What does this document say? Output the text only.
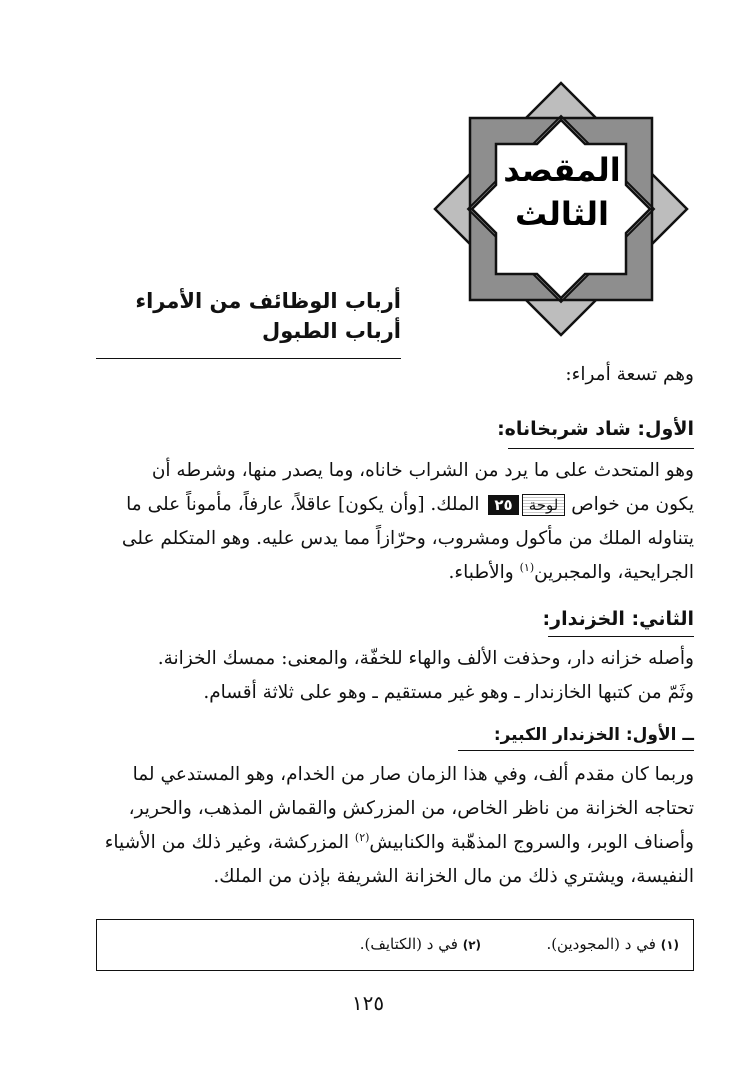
المقصد
الثالث
أرباب الوظائف من الأمراء أرباب الطبول
وهم تسعة أمراء:
الأول: شاد شربخاناه:
وهو المتحدث على ما يرد من الشراب خاناه، وما يصدر منها، وشرطه أن
يكون من خواص لوحة٢٥ الملك. [وأن يكون] عاقلاً، عارفاً، مأموناً على ما
يتناوله الملك من مأكول ومشروب، وحرّازاً مما يدس عليه. وهو المتكلم على
الجرايحية، والمجبرين$^{(١)}$ والأطباء.
الثاني: الخزندار:
وأصله خزانه دار، وحذفت الألف والهاء للخفّة، والمعنى: ممسك الخزانة.
وثَمّ من كتبها الخازندار ـ وهو غير مستقيم ـ وهو على ثلاثة أقسام.
ــ الأول: الخزندار الكبير:
وربما كان مقدم ألف، وفي هذا الزمان صار من الخدام، وهو المستدعي لما
تحتاجه الخزانة من ناظر الخاص، من المزركش والقماش المذهب، والحرير،
وأصناف الوبر، والسروج المذهّبة والكنابيش$^{(٢)}$ المزركشة، وغير ذلك من الأشياء
النفيسة، ويشتري ذلك من مال الخزانة الشريفة بإذن من الملك.
(١) في د (المجودين).
(٢) في د (الكتايف).
١٢٥
